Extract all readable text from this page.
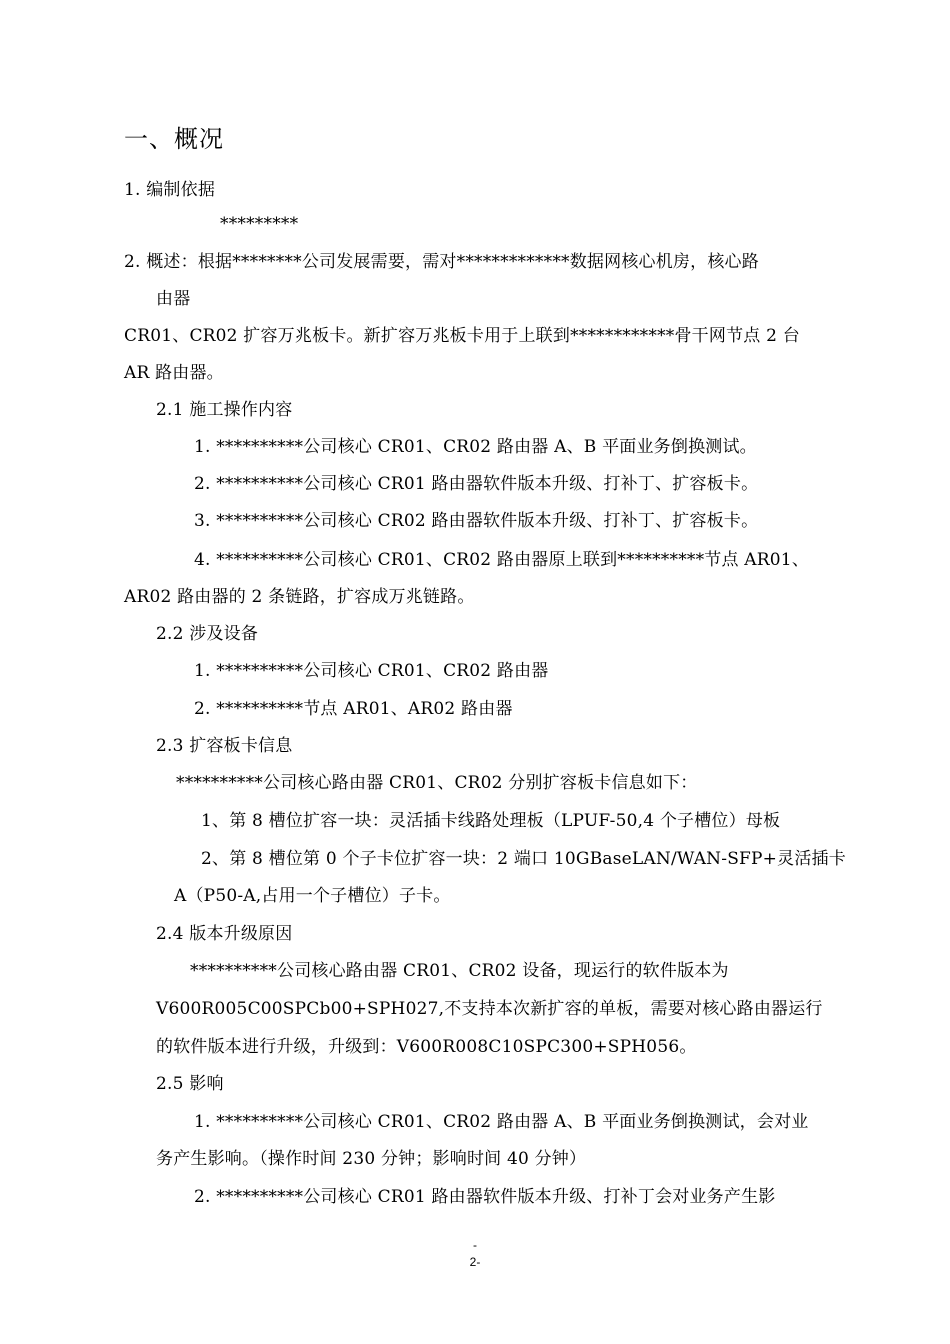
一、概况
1. 编制依据
*********
2. 概述：根据********公司发展需要，需对*************数据网核心机房，核心路
由器
CR01、CR02 扩容万兆板卡。新扩容万兆板卡用于上联到************骨干网节点 2 台
AR 路由器。
2.1 施工操作内容
1. **********公司核心 CR01、CR02 路由器 A、B 平面业务倒换测试。
2. **********公司核心 CR01 路由器软件版本升级、打补丁、扩容板卡。
3. **********公司核心 CR02 路由器软件版本升级、打补丁、扩容板卡。
4. **********公司核心 CR01、CR02 路由器原上联到**********节点 AR01、
AR02 路由器的 2 条链路，扩容成万兆链路。
2.2 涉及设备
1. **********公司核心 CR01、CR02 路由器
2. **********节点 AR01、AR02 路由器
2.3 扩容板卡信息
**********公司核心路由器 CR01、CR02 分别扩容板卡信息如下：
1、第 8 槽位扩容一块：灵活插卡线路处理板（LPUF-50,4 个子槽位）母板
2、第 8 槽位第 0 个子卡位扩容一块：2 端口 10GBaseLAN/WAN-SFP+灵活插卡
A（P50-A,占用一个子槽位）子卡。
2.4 版本升级原因
**********公司核心路由器 CR01、CR02 设备，现运行的软件版本为
V600R005C00SPCb00+SPH027,不支持本次新扩容的单板，需要对核心路由器运行
的软件版本进行升级，升级到：V600R008C10SPC300+SPH056。
2.5 影响
1. **********公司核心 CR01、CR02 路由器 A、B 平面业务倒换测试，会对业
务产生影响。（操作时间 230 分钟；影响时间 40 分钟）
2. **********公司核心 CR01 路由器软件版本升级、打补丁会对业务产生影
-
2-
